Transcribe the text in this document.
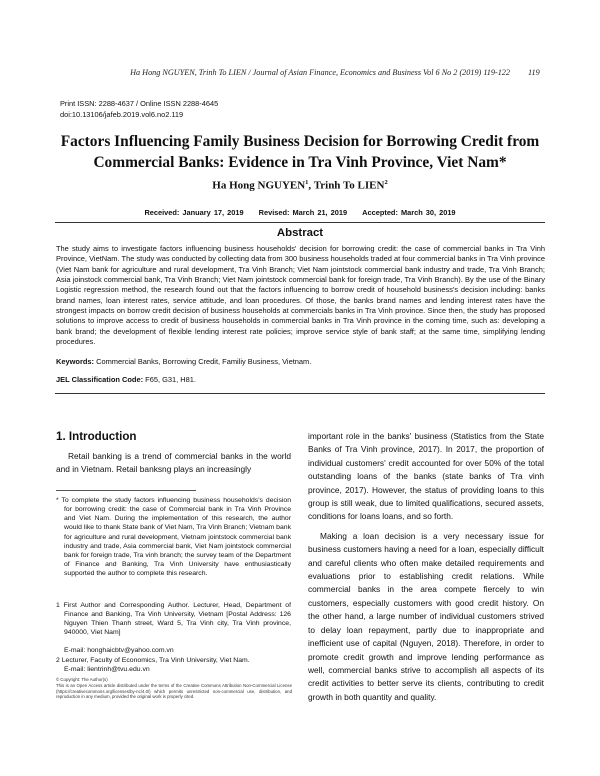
Ha Hong NGUYEN, Trinh To LIEN / Journal of Asian Finance, Economics and Business Vol 6 No 2 (2019) 119-122 119
Print ISSN: 2288-4637 / Online ISSN 2288-4645
doi:10.13106/jafeb.2019.vol6.no2.119
Factors Influencing Family Business Decision for Borrowing Credit from Commercial Banks: Evidence in Tra Vinh Province, Viet Nam*
Ha Hong NGUYEN$^1$, Trinh To LIEN$^2$
Received: January 17, 2019 Revised: March 21, 2019 Accepted: March 30, 2019
Abstract
The study aims to investigate factors influencing business households' decision for borrowing credit: the case of commercial banks in Tra Vinh Province, VietNam. The study was conducted by collecting data from 300 business households traded at four commercial banks in Tra Vinh province (Viet Nam bank for agriculture and rural development, Tra Vinh Branch; Viet Nam jointstock commercial bank industry and trade, Tra Vinh Branch; Asia joinstock commercial bank, Tra Vinh Branch; Viet Nam jointstock commercial bank for foreign trade, Tra Vinh Branch). By the use of the Binary Logistic regression method, the research found out that the factors influencing to borrow credit of household business's decision including: banks brand names, loan interest rates, service attitude, and loan procedures. Of those, the banks brand names and lending interest rates have the strongest impacts on borrow credit decision of business households at commercials banks in Tra Vinh province. Since then, the study has proposed solutions to improve access to credit of business households in commercial banks in Tra Vinh province in the coming time, such as: developing a bank brand; the development of flexible lending interest rate policies; improve service style of bank staff; at the same time, simplifying lending procedures.
Keywords: Commercial Banks, Borrowing Credit, Familiy Business, Vietnam.
JEL Classification Code: F65, G31, H81.
1. Introduction
Retail banking is a trend of commercial banks in the world and in Vietnam. Retail banksng plays an increasingly
* To complete the study factors influencing business households's decision for borrowing credit: the case of Commercial bank in Tra Vinh Province and Viet Nam. During the implementation of this research, the author would like to thank State bank of Viet Nam, Tra Vinh Branch; Vietnam bank for agriculture and rural development, Vietnam jointstock commercial bank industry and trade, Asia commercial bank, Viet Nam jointstock commercial bank for foreign trade, Tra vinh branch; the survey team of the Department of Finance and Banking, Tra Vinh University have enthusiastically supported the author to complete this research.
1 First Author and Corresponding Author. Lecturer, Head, Department of Finance and Banking, Tra Vinh University, Vietnam [Postal Address: 126 Nguyen Thien Thanh street, Ward 5, Tra Vinh city, Tra Vinh province, 940000, Viet Nam]
E-mail: honghaicbtv@yahoo.com.vn
2 Lecturer, Faculty of Economics, Tra Vinh University, Viet Nam.
E-mail: lientrinh@tvu.edu.vn
© Copyright: The Author(s)
This is an Open Access article distributed under the terms of the Creative Commons Attribution Non-Commercial License (https://creativecommons.org/licenses/by-nc/4.0/) which permits unrestricted non-commercial use, distribution, and reproduction in any medium, provided the original work is properly cited.

important role in the banks' business (Statistics from the State Banks of Tra Vinh province, 2017). In 2017, the proportion of individual customers' credit accounted for over 50% of the total outstanding loans of the banks (state banks of Tra vinh province, 2017). However, the status of providing loans to this group is still weak, due to limited qualifications, secured assets, conditions for loans loans, and so forth.

Making a loan decision is a very necessary issue for business customers having a need for a loan, especially difficult and careful clients who often make detailed requirements and evaluations prior to establishing credit relations. While commercial banks in the area compete fiercely to win customers, especially customers with good credit history. On the other hand, a large number of individual customers strived to delay loan repayment, partly due to inappropriate and inefficient use of capital (Nguyen, 2018). Therefore, in order to promote credit growth and improve lending performance as well, commercial banks strive to accomplish all aspects of its credit activities to better serve its clients, contributing to credit growth in both quantity and quality.
